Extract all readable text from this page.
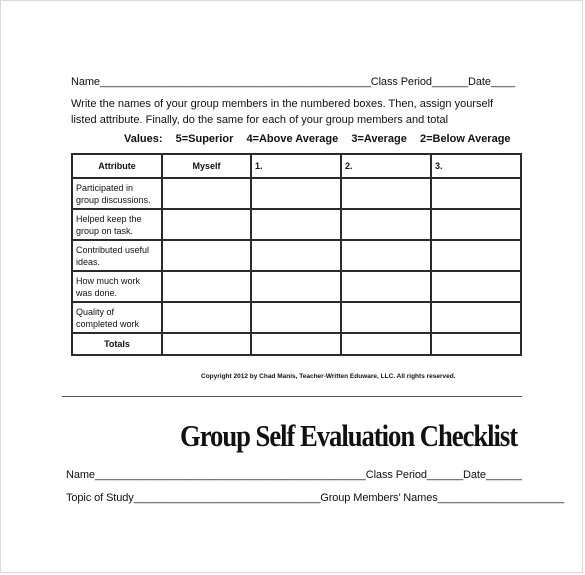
Name_____________________________________________Class Period______Date____
Write the names of your group members in the numbered boxes. Then, assign yourself listed attribute. Finally, do the same for each of your group members and total
Values: 5=Superior 4=Above Average 3=Average 2=Below Average
Attribute	Myself	1.	2.	3.
Participated in group discussions.				
Helped keep the group on task.				
Contributed useful ideas.				
How much work was done.				
Quality of completed work				
Totals				
Copyright 2012 by Chad Manis, Teacher-Written Eduware, LLC. All rights reserved.
Group Self Evaluation Checklist
Name_____________________________________________Class Period______Date______
Topic of Study_______________________________Group Members’ Names_____________________
